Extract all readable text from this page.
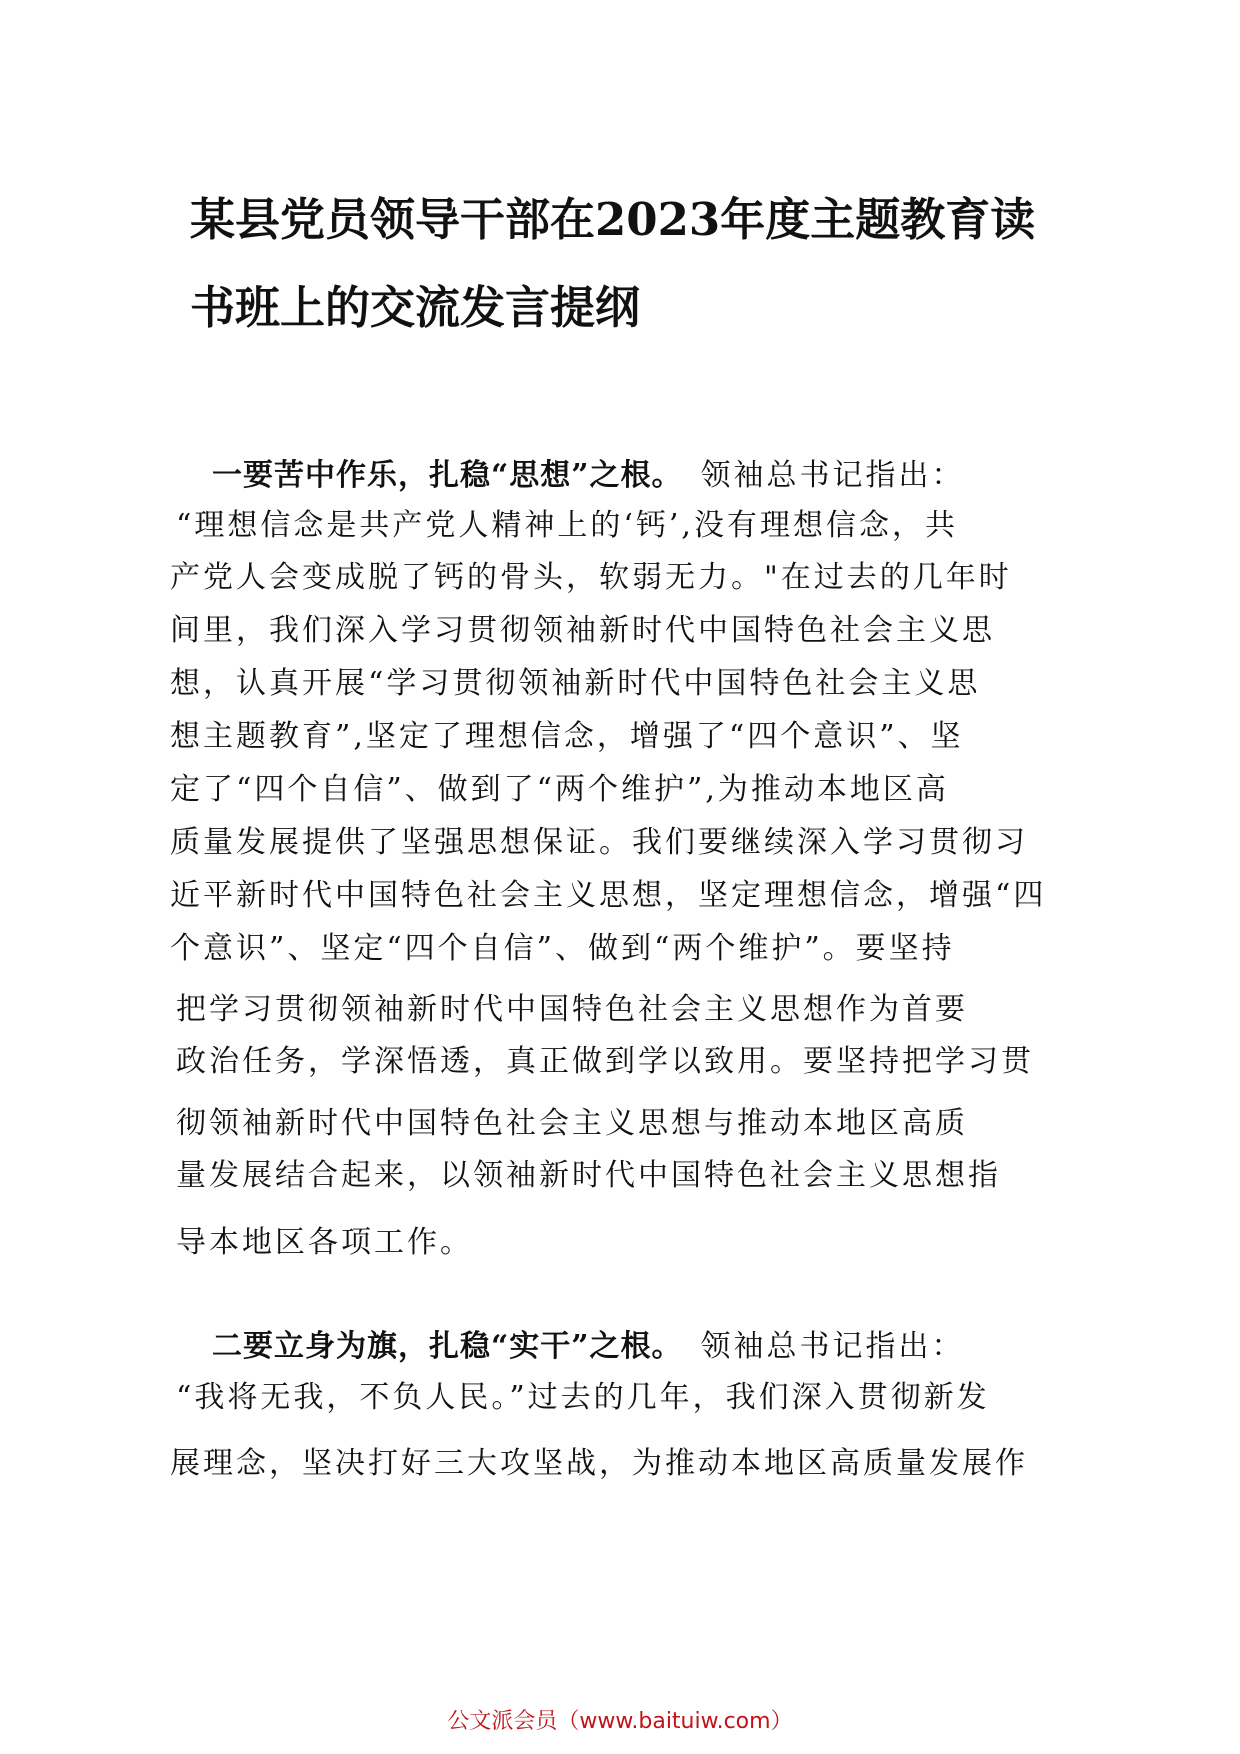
某县党员领导干部在2023年度主题教育读书班上的交流发言提纲
一要苦中作乐，扎稳“思想”之根。 领袖总书记指出：
“理想信念是共产党人精神上的‘钙’,没有理想信念，共
产党人会变成脱了钙的骨头，软弱无力。"在过去的几年时
间里，我们深入学习贯彻领袖新时代中国特色社会主义思
想，认真开展“学习贯彻领袖新时代中国特色社会主义思
想主题教育”,坚定了理想信念，增强了“四个意识”、坚
定了“四个自信”、做到了“两个维护”,为推动本地区高
质量发展提供了坚强思想保证。我们要继续深入学习贯彻习
近平新时代中国特色社会主义思想，坚定理想信念，增强“四
个意识”、坚定“四个自信”、做到“两个维护”。要坚持
把学习贯彻领袖新时代中国特色社会主义思想作为首要
政治任务，学深悟透，真正做到学以致用。要坚持把学习贯
彻领袖新时代中国特色社会主义思想与推动本地区高质
量发展结合起来，以领袖新时代中国特色社会主义思想指
导本地区各项工作。
二要立身为旗，扎稳“实干”之根。 领袖总书记指出：
“我将无我，不负人民。”过去的几年，我们深入贯彻新发
展理念，坚决打好三大攻坚战，为推动本地区高质量发展作
公文派会员（www.baituiw.com）
